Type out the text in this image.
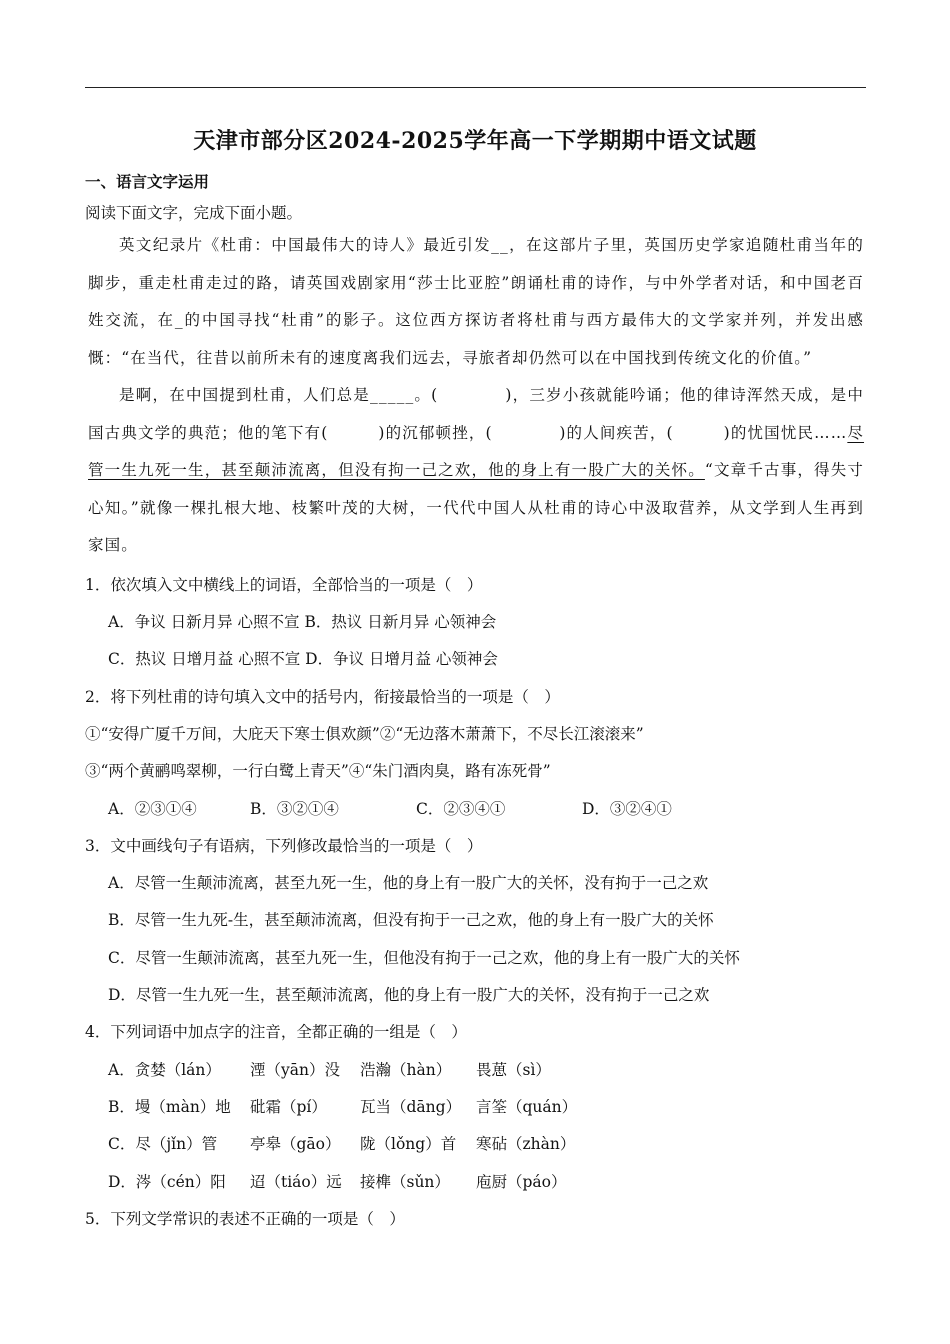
天津市部分区2024-2025学年高一下学期期中语文试题
一、语言文字运用
阅读下面文字，完成下面小题。
英文纪录片《杜甫：中国最伟大的诗人》最近引发__，在这部片子里，英国历史学家追随杜甫当年的脚步，重走杜甫走过的路，请英国戏剧家用“莎士比亚腔”朗诵杜甫的诗作，与中外学者对话，和中国老百姓交流，在_的中国寻找“杜甫”的影子。这位西方探访者将杜甫与西方最伟大的文学家并列，并发出感慨：“在当代，往昔以前所未有的速度离我们远去，寻旅者却仍然可以在中国找到传统文化的价值。”
是啊，在中国提到杜甫，人们总是_____。(　　　　)，三岁小孩就能吟诵；他的律诗浑然天成，是中国古典文学的典范；他的笔下有(　　　)的沉郁顿挫，(　　　　)的人间疾苦，(　　　)的忧国忧民……尽管一生九死一生，甚至颠沛流离，但没有拘一己之欢，他的身上有一股广大的关怀。“文章千古事，得失寸心知。”就像一棵扎根大地、枝繁叶茂的大树，一代代中国人从杜甫的诗心中汲取营养，从文学到人生再到家国。
1．依次填入文中横线上的词语，全部恰当的一项是（　）
A．争议 日新月异 心照不宣 B．热议 日新月异 心领神会
C．热议 日增月益 心照不宣 D．争议 日增月益 心领神会
2．将下列杜甫的诗句填入文中的括号内，衔接最恰当的一项是（　）
①“安得广厦千万间，大庇天下寒士俱欢颜”②“无边落木萧萧下，不尽长江滚滚来”
③“两个黄鹂鸣翠柳，一行白鹭上青天”④“朱门酒肉臭，路有冻死骨”
A．②③①④	B．③②①④	C．②③④①	D．③②④①
3．文中画线句子有语病，下列修改最恰当的一项是（　）
A．尽管一生颠沛流离，甚至九死一生，他的身上有一股广大的关怀，没有拘于一己之欢
B．尽管一生九死-生，甚至颠沛流离，但没有拘于一己之欢，他的身上有一股广大的关怀
C．尽管一生颠沛流离，甚至九死一生，但他没有拘于一己之欢，他的身上有一股广大的关怀
D．尽管一生九死一生，甚至颠沛流离，他的身上有一股广大的关怀，没有拘于一己之欢
4．下列词语中加点字的注音，全都正确的一组是（　）
A．贪婪（lán） 湮（yān）没 浩瀚（hàn） 畏葸（sì）
B．墁（màn）地 砒霜（pí） 瓦当（dāng） 言筌（quán）
C．尽（jǐn）管 亭皋（gāo） 陇（lǒng）首 寒砧（zhàn）
D．涔（cén）阳 迢（tiáo）远 接榫（sǔn） 庖厨（páo）
5．下列文学常识的表述不正确的一项是（　）
